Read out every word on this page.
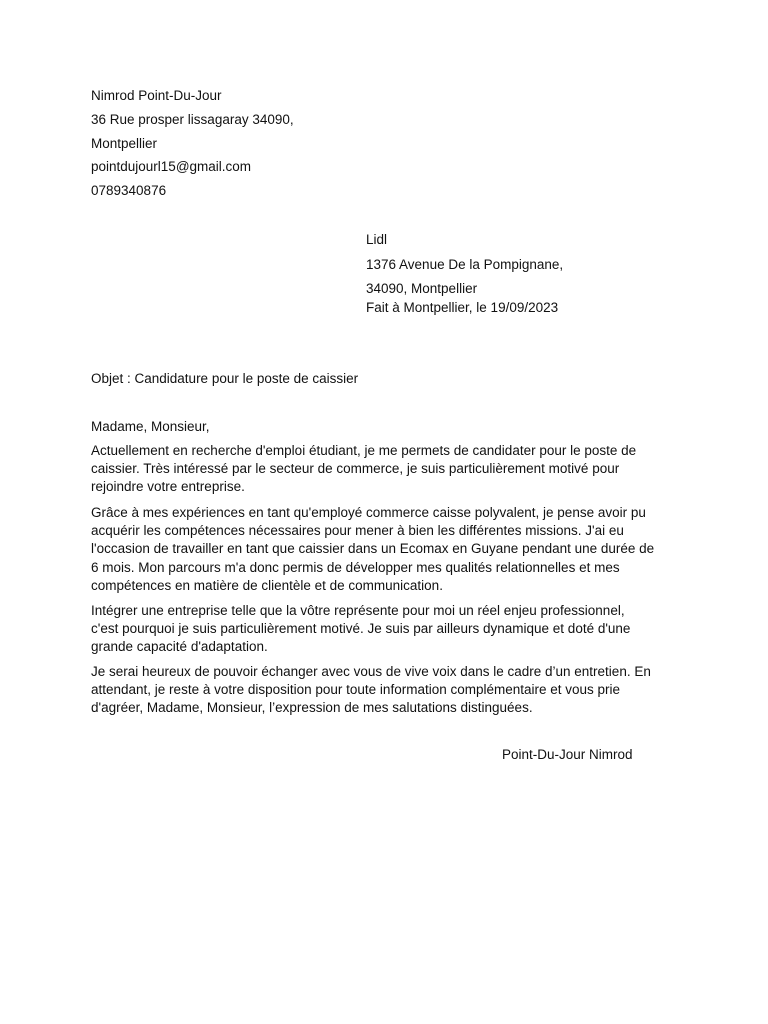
Nimrod Point-Du-Jour
36 Rue prosper lissagaray 34090,
Montpellier
pointdujourl15@gmail.com
0789340876
Lidl
1376 Avenue De la Pompignane,
34090, Montpellier
Fait à Montpellier, le 19/09/2023
Objet : Candidature pour le poste de caissier
Madame, Monsieur,
Actuellement en recherche d'emploi étudiant, je me permets de candidater pour le poste de
caissier. Très intéressé par le secteur de commerce, je suis particulièrement motivé pour
rejoindre votre entreprise.
Grâce à mes expériences en tant qu'employé commerce caisse polyvalent, je pense avoir pu
acquérir les compétences nécessaires pour mener à bien les différentes missions. J'ai eu
l'occasion de travailler en tant que caissier dans un Ecomax en Guyane pendant une durée de
6 mois. Mon parcours m'a donc permis de développer mes qualités relationnelles et mes
compétences en matière de clientèle et de communication.
Intégrer une entreprise telle que la vôtre représente pour moi un réel enjeu professionnel,
c'est pourquoi je suis particulièrement motivé. Je suis par ailleurs dynamique et doté d'une
grande capacité d'adaptation.
Je serai heureux de pouvoir échanger avec vous de vive voix dans le cadre d’un entretien. En
attendant, je reste à votre disposition pour toute information complémentaire et vous prie
d'agréer, Madame, Monsieur, l’expression de mes salutations distinguées.
Point-Du-Jour Nimrod
